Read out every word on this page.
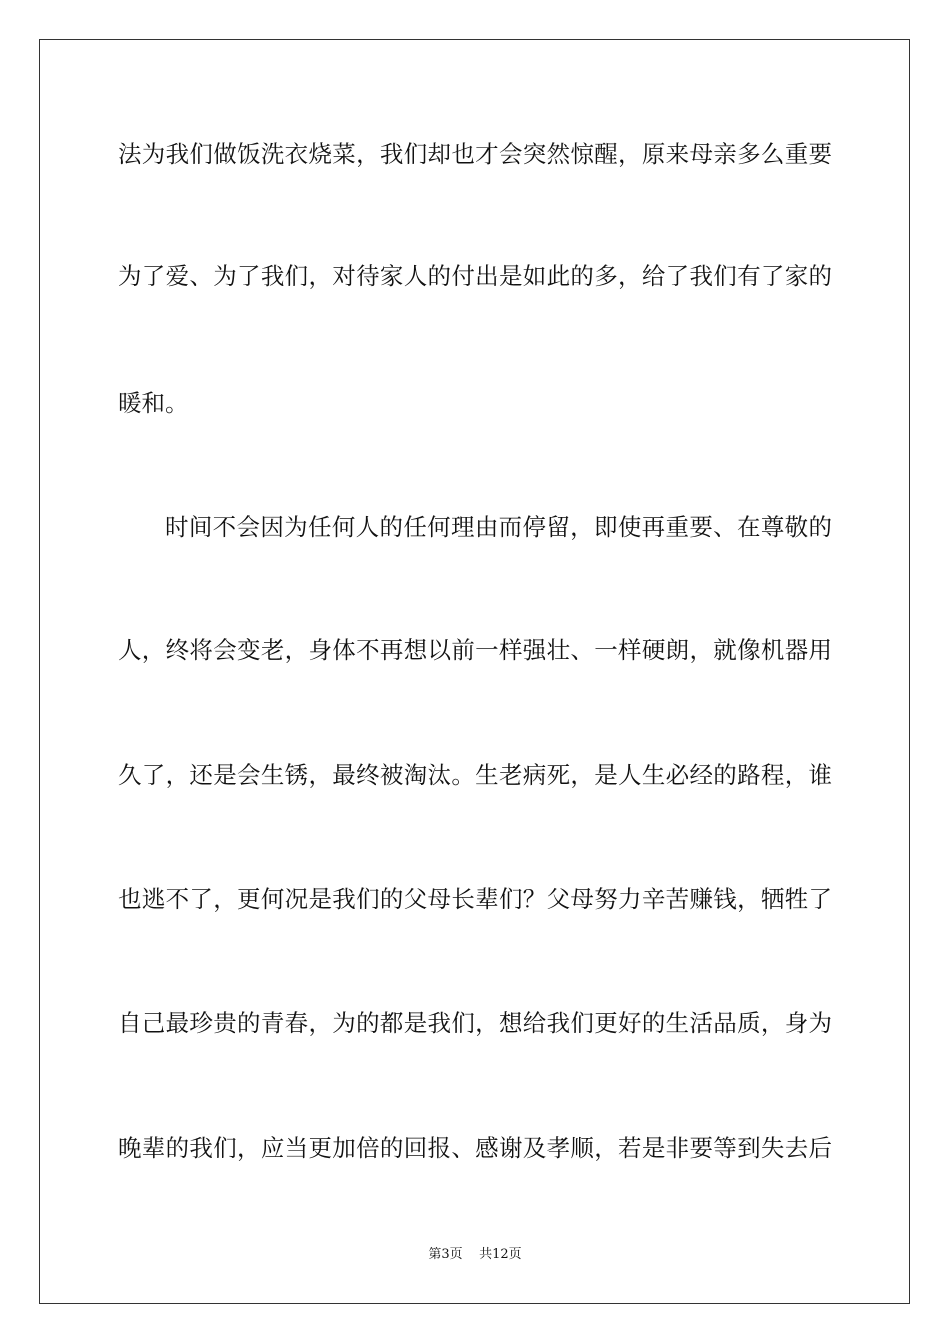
法为我们做饭洗衣烧菜，我们却也才会突然惊醒，原来母亲多么重要
为了爱、为了我们，对待家人的付出是如此的多，给了我们有了家的
暖和。
时间不会因为任何人的任何理由而停留，即使再重要、在尊敬的
人，终将会变老，身体不再想以前一样强壮、一样硬朗，就像机器用
久了，还是会生锈，最终被淘汰。生老病死，是人生必经的路程，谁
也逃不了，更何况是我们的父母长辈们？父母努力辛苦赚钱，牺牲了
自己最珍贵的青春，为的都是我们，想给我们更好的生活品质，身为
晚辈的我们，应当更加倍的回报、感谢及孝顺，若是非要等到失去后
第3页 共12页
